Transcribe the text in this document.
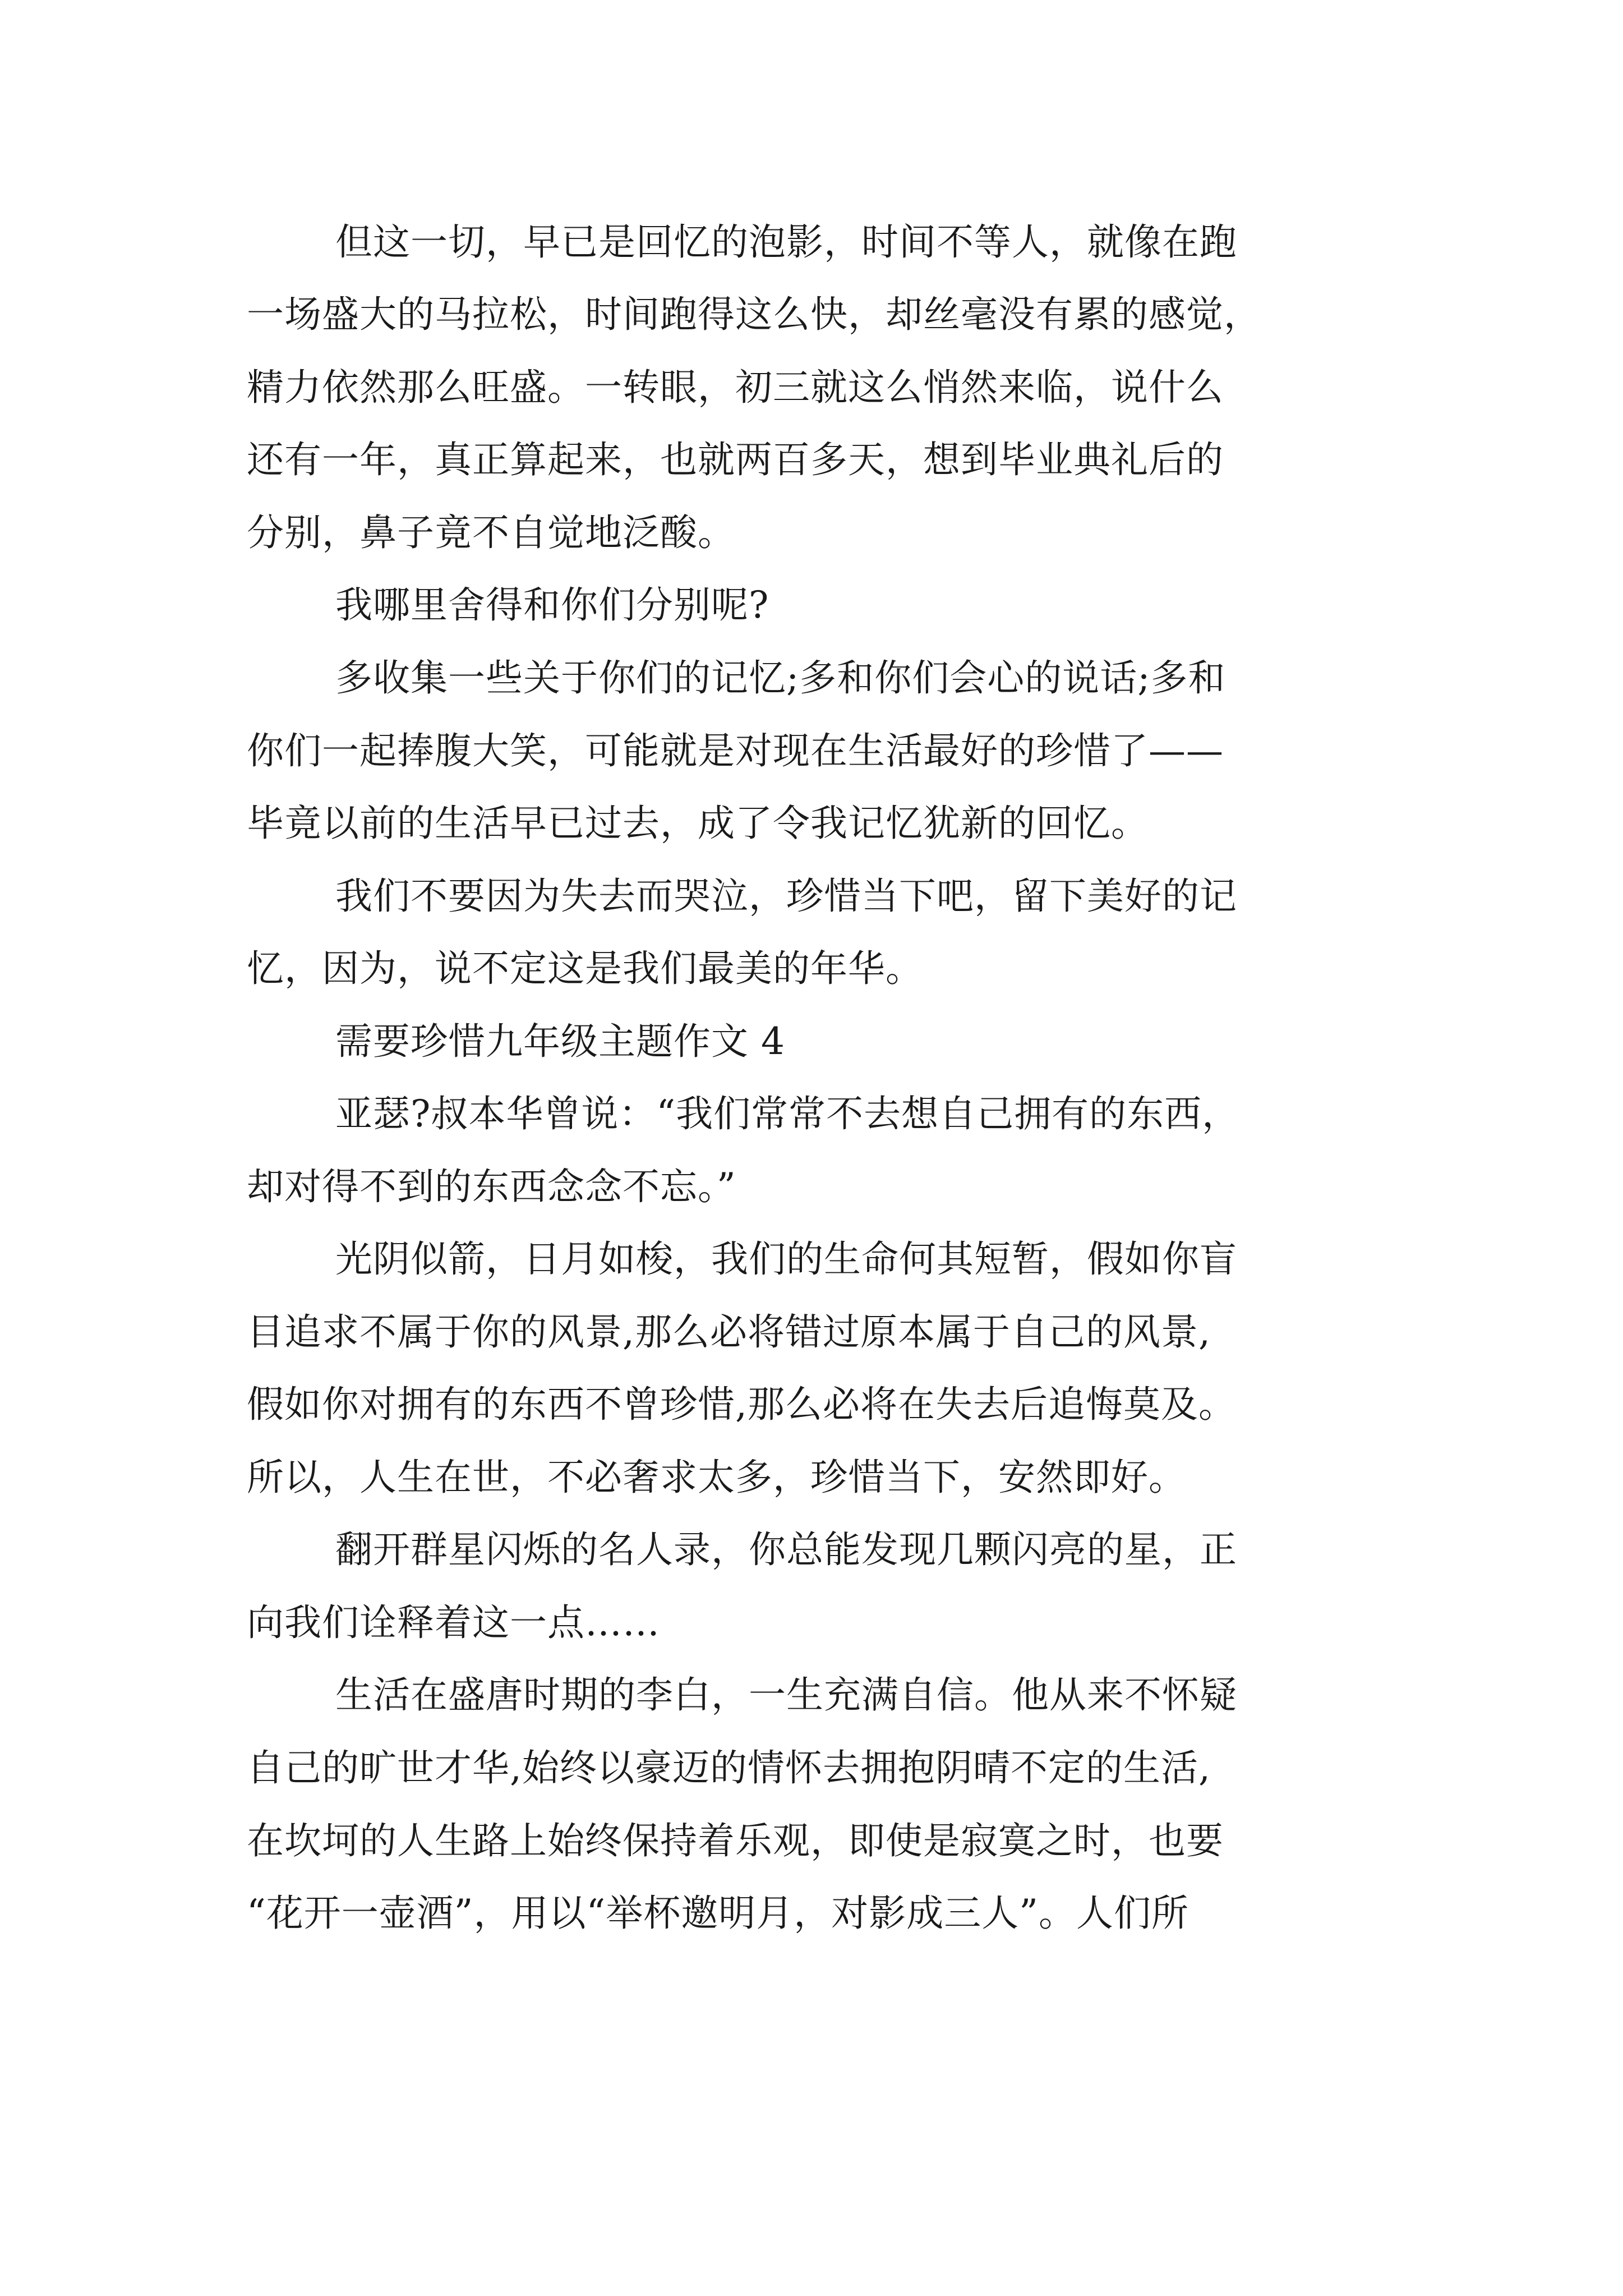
但这一切，早已是回忆的泡影，时间不等人，就像在跑

一场盛大的马拉松，时间跑得这么快，却丝毫没有累的感觉，

精力依然那么旺盛。一转眼，初三就这么悄然来临，说什么

还有一年，真正算起来，也就两百多天，想到毕业典礼后的

分别，鼻子竟不自觉地泛酸。

我哪里舍得和你们分别呢?

多收集一些关于你们的记忆;多和你们会心的说话;多和

你们一起捧腹大笑，可能就是对现在生活最好的珍惜了——

毕竟以前的生活早已过去，成了令我记忆犹新的回忆。

我们不要因为失去而哭泣，珍惜当下吧，留下美好的记

忆，因为，说不定这是我们最美的年华。

需要珍惜九年级主题作文 4

亚瑟?叔本华曾说：“我们常常不去想自己拥有的东西，

却对得不到的东西念念不忘。”

光阴似箭，日月如梭，我们的生命何其短暂，假如你盲

目追求不属于你的风景,那么必将错过原本属于自己的风景,

假如你对拥有的东西不曾珍惜,那么必将在失去后追悔莫及。

所以，人生在世，不必奢求太多，珍惜当下，安然即好。

翻开群星闪烁的名人录，你总能发现几颗闪亮的星，正

向我们诠释着这一点……

生活在盛唐时期的李白，一生充满自信。他从来不怀疑

自己的旷世才华,始终以豪迈的情怀去拥抱阴晴不定的生活,

在坎坷的人生路上始终保持着乐观，即使是寂寞之时，也要

“花开一壶酒”，用以“举杯邀明月，对影成三人”。人们所
